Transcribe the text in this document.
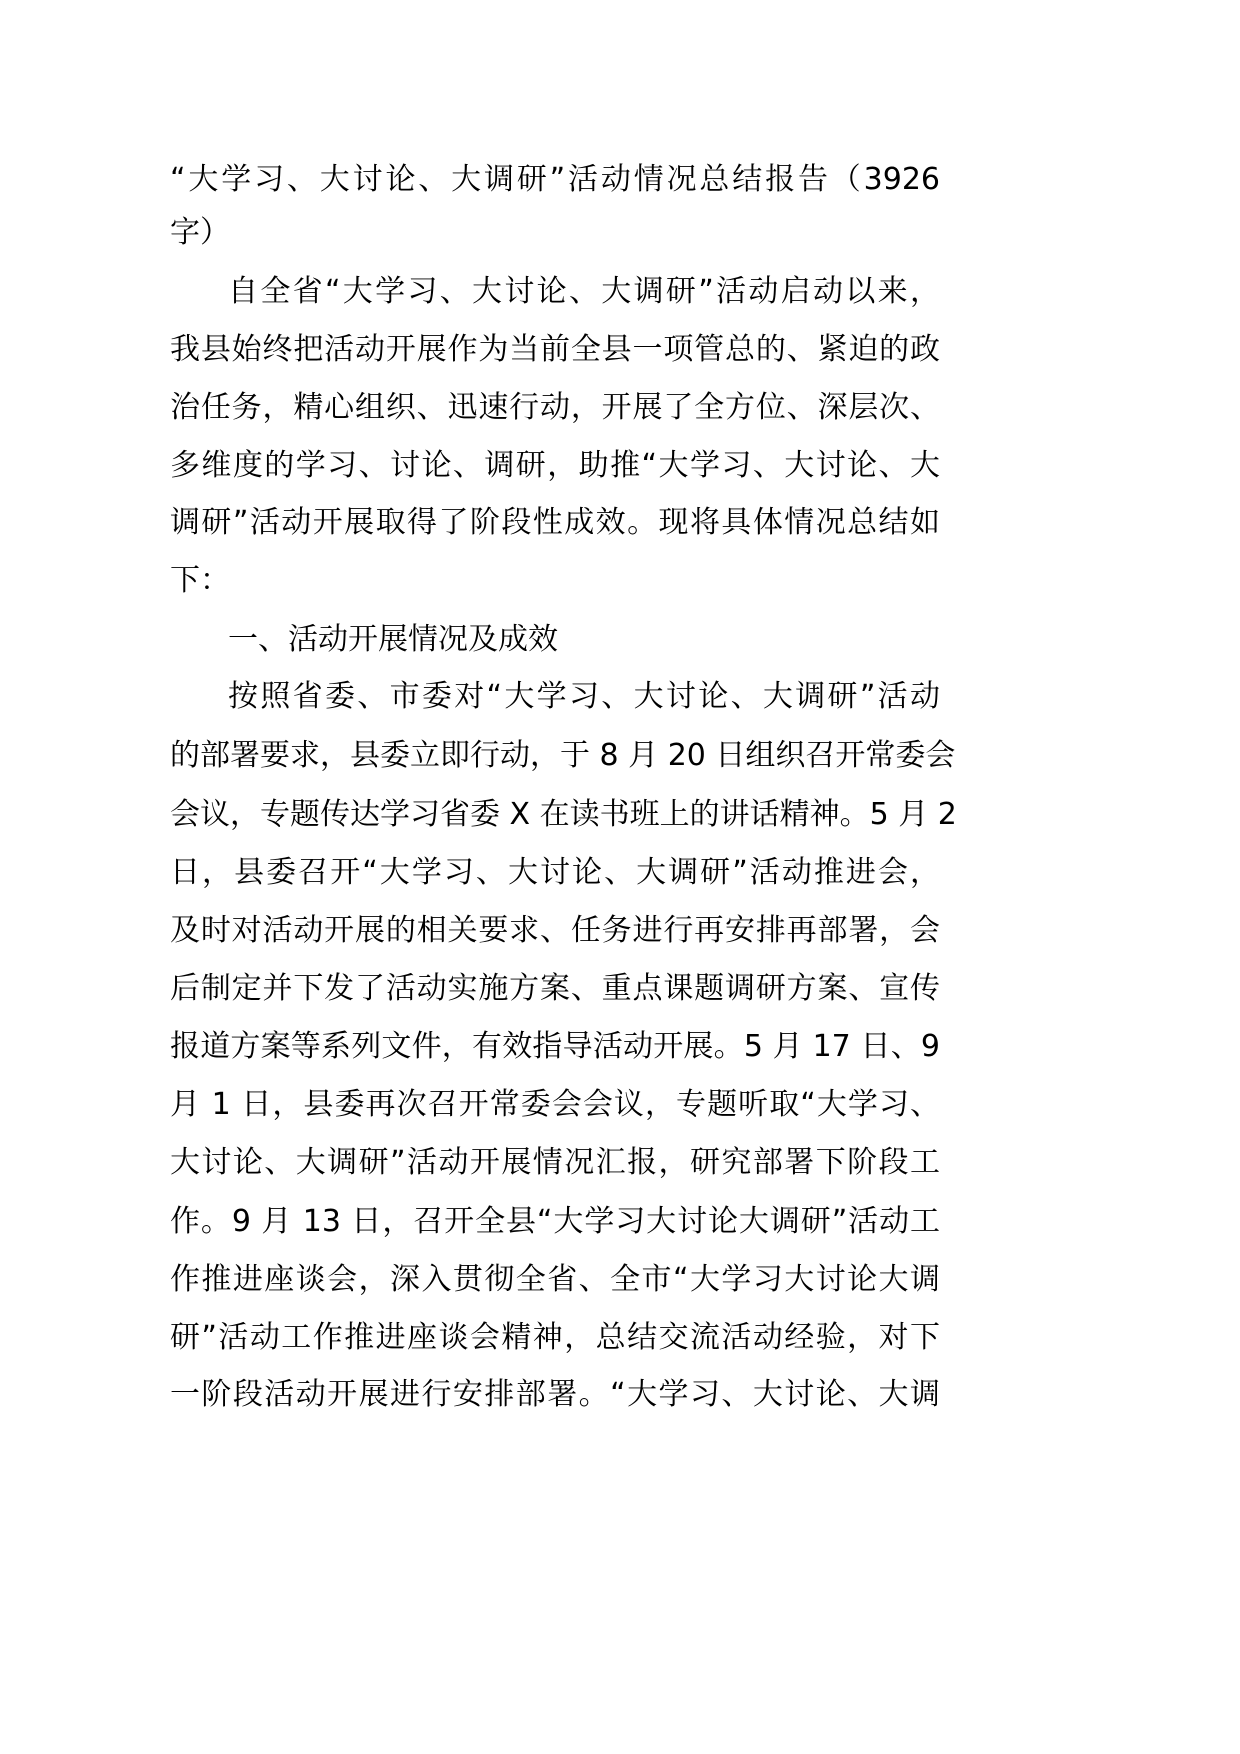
“大学习、大讨论、大调研”活动情况总结报告（3926
字）
自全省“大学习、大讨论、大调研”活动启动以来，
我县始终把活动开展作为当前全县一项管总的、紧迫的政
治任务，精心组织、迅速行动，开展了全方位、深层次、
多维度的学习、讨论、调研，助推“大学习、大讨论、大
调研”活动开展取得了阶段性成效。现将具体情况总结如
下：
一、活动开展情况及成效
按照省委、市委对“大学习、大讨论、大调研”活动
的部署要求，县委立即行动，于 8 月 20 日组织召开常委会
会议，专题传达学习省委 X 在读书班上的讲话精神。5 月 2
日，县委召开“大学习、大讨论、大调研”活动推进会，
及时对活动开展的相关要求、任务进行再安排再部署，会
后制定并下发了活动实施方案、重点课题调研方案、宣传
报道方案等系列文件，有效指导活动开展。5 月 17 日、9
月 1 日，县委再次召开常委会会议，专题听取“大学习、
大讨论、大调研”活动开展情况汇报，研究部署下阶段工
作。9 月 13 日，召开全县“大学习大讨论大调研”活动工
作推进座谈会，深入贯彻全省、全市“大学习大讨论大调
研”活动工作推进座谈会精神，总结交流活动经验，对下
一阶段活动开展进行安排部署。“大学习、大讨论、大调
